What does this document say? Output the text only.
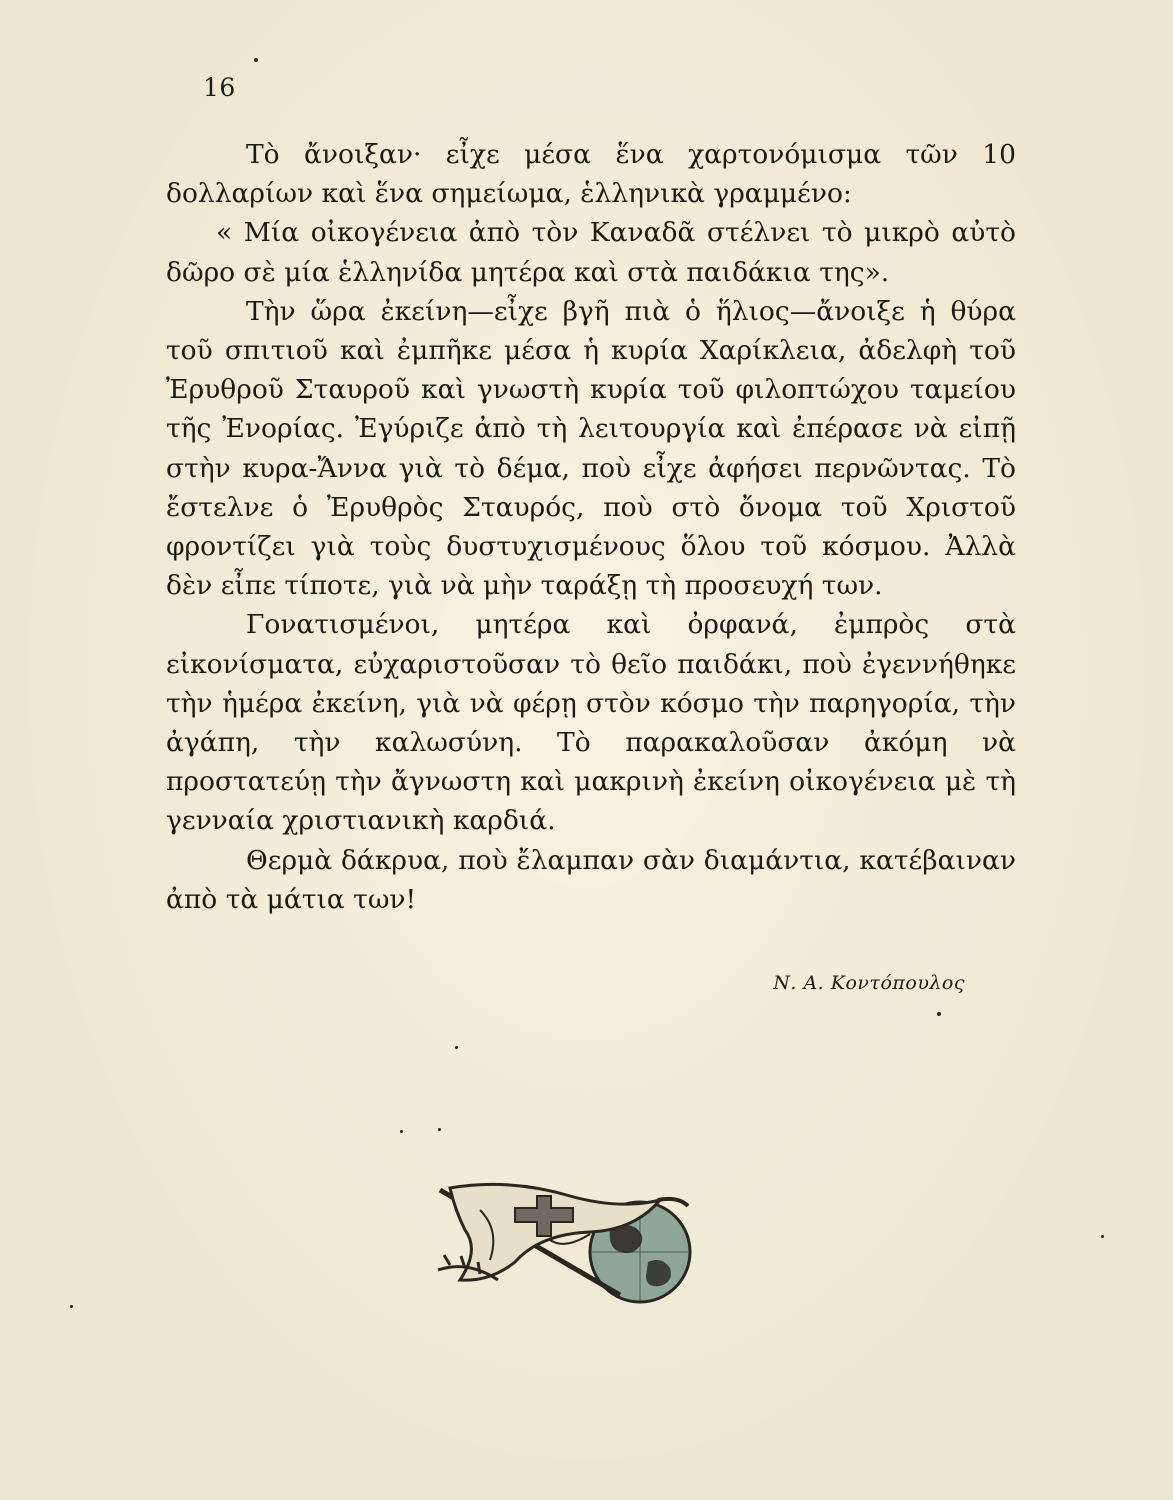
16

Τὸ ἄνοιξαν· εἶχε μέσα ἕνα χαρτονόμισμα τῶν 10 δολλαρίων καὶ ἕνα σημείωμα, ἑλληνικὰ γραμμένο:

« Μία οἰκογένεια ἀπὸ τὸν Καναδᾶ στέλνει τὸ μικρὸ αὐτὸ δῶρο σὲ μία ἑλληνίδα μητέρα καὶ στὰ παιδάκια της».

Τὴν ὥρα ἐκείνη—εἶχε βγῆ πιὰ ὁ ἥλιος—ἄνοιξε ἡ θύρα τοῦ σπιτιοῦ καὶ ἐμπῆκε μέσα ἡ κυρία Χαρίκλεια, ἀδελφὴ τοῦ Ἐρυθροῦ Σταυροῦ καὶ γνωστὴ κυρία τοῦ φιλοπτώχου ταμείου τῆς Ἐνορίας. Ἐγύριζε ἀπὸ τὴ λειτουργία καὶ ἐπέρασε νὰ εἰπῇ στὴν κυρα-Ἄννα γιὰ τὸ δέμα, ποὺ εἶχε ἀφήσει περνῶντας. Τὸ ἔστελνε ὁ Ἐρυθρὸς Σταυρός, ποὺ στὸ ὄνομα τοῦ Χριστοῦ φροντίζει γιὰ τοὺς δυστυχισμένους ὅλου τοῦ κόσμου. Ἀλλὰ δὲν εἶπε τίποτε, γιὰ νὰ μὴν ταράξῃ τὴ προσευχή των.

Γονατισμένοι, μητέρα καὶ ὀρφανά, ἐμπρὸς στὰ εἰκονίσματα, εὐχαριστοῦσαν τὸ θεῖο παιδάκι, ποὺ ἐγεννήθηκε τὴν ἡμέρα ἐκείνη, γιὰ νὰ φέρῃ στὸν κόσμο τὴν παρηγορία, τὴν ἀγάπη, τὴν καλωσύνη. Τὸ παρακαλοῦσαν ἀκόμη νὰ προστατεύῃ τὴν ἄγνωστη καὶ μακρινὴ ἐκείνη οἰκογένεια μὲ τὴ γενναία χριστιανικὴ καρδιά.

Θερμὰ δάκρυα, ποὺ ἔλαμπαν σὰν διαμάντια, κατέβαιναν ἀπὸ τὰ μάτια των!

Ν. Α. Κοντόπουλος
